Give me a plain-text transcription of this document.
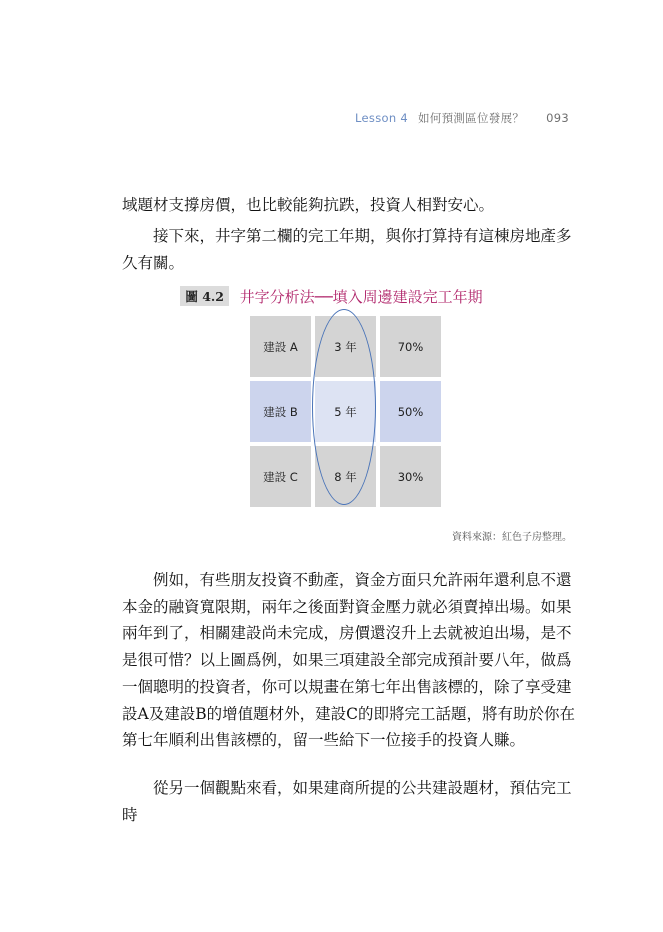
Lesson 4 如何預測區位發展？ 093

域題材支撐房價，也比較能夠抗跌，投資人相對安心。

接下來，井字第二欄的完工年期，與你打算持有這棟房地產多久有關。

圖 4.2 井字分析法──填入周邊建設完工年期
建設 A	3 年	70%
建設 B	5 年	50%
建設 C	8 年	30%
資料來源：紅色子房整理。

例如，有些朋友投資不動產，資金方面只允許兩年還利息不還本金的融資寬限期，兩年之後面對資金壓力就必須賣掉出場。如果兩年到了，相關建設尚未完成，房價還沒升上去就被迫出場，是不是很可惜？以上圖爲例，如果三項建設全部完成預計要八年，做爲一個聰明的投資者，你可以規畫在第七年出售該標的，除了享受建設A及建設B的增值題材外，建設C的即將完工話題，將有助於你在第七年順利出售該標的，留一些給下一位接手的投資人賺。

從另一個觀點來看，如果建商所提的公共建設題材，預估完工時
